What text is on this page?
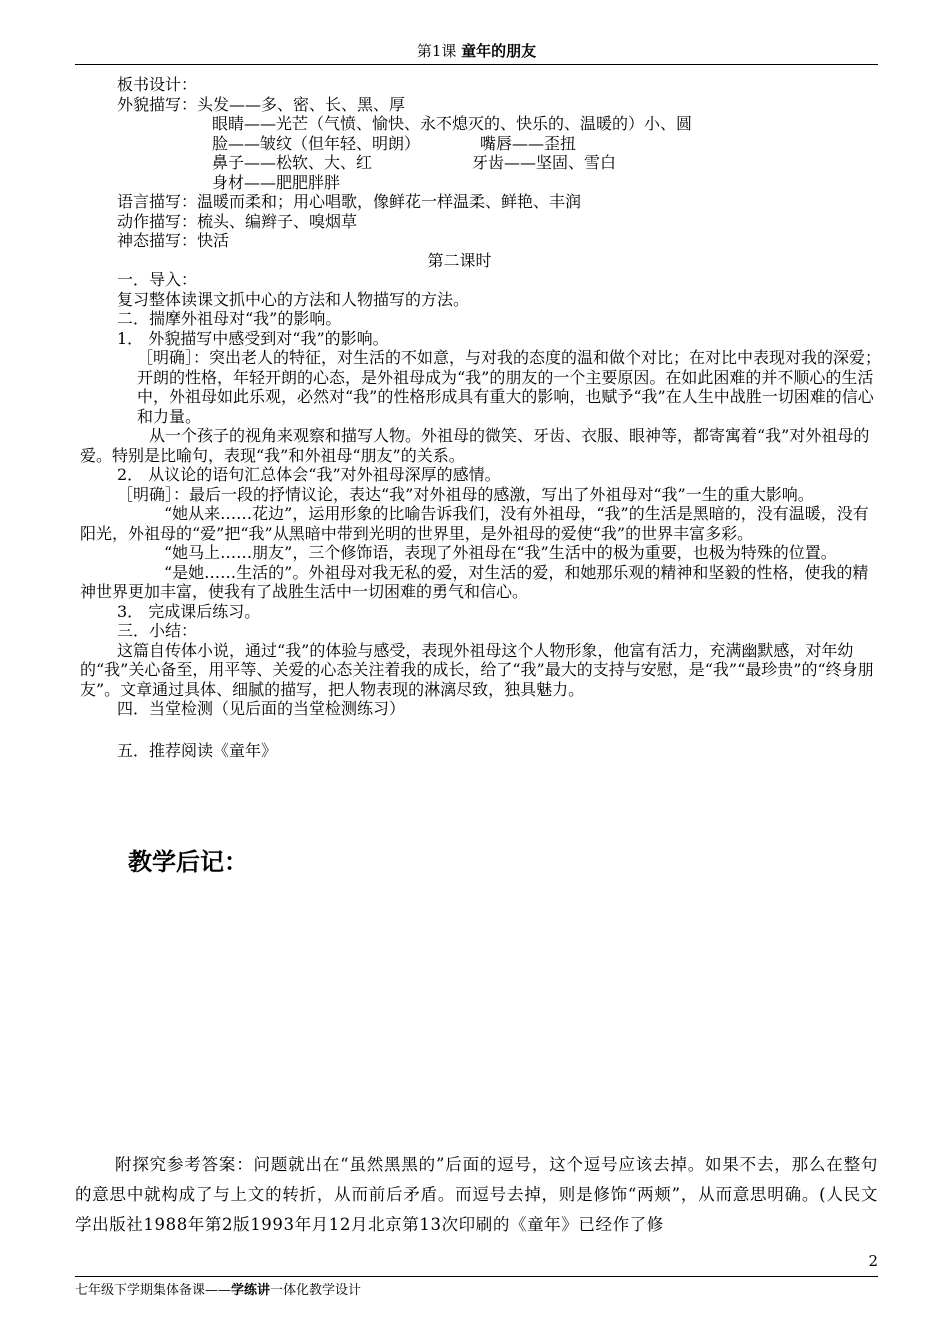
第1课 童年的朋友

板书设计：

外貌描写：头发——多、密、长、黑、厚

眼睛——光芒（气愤、愉快、永不熄灭的、快乐的、温暖的）小、圆

脸——皱纹（但年轻、明朗）	嘴唇——歪扭

鼻子——松软、大、红	牙齿——坚固、雪白

身材——肥肥胖胖

语言描写：温暖而柔和；用心唱歌，像鲜花一样温柔、鲜艳、丰润

动作描写：梳头、编辫子、嗅烟草

神态描写：快活

第二课时

一．导入：

复习整体读课文抓中心的方法和人物描写的方法。

二．揣摩外祖母对“我”的影响。

1． 外貌描写中感受到对“我”的影响。

［明确］：突出老人的特征，对生活的不如意，与对我的态度的温和做个对比；在对比中表现对我的深爱；开朗的性格，年轻开朗的心态，是外祖母成为“我”的朋友的一个主要原因。在如此困难的并不顺心的生活中，外祖母如此乐观，必然对“我”的性格形成具有重大的影响，也赋予“我”在人生中战胜一切困难的信心和力量。

从一个孩子的视角来观察和描写人物。外祖母的微笑、牙齿、衣服、眼神等，都寄寓着“我”对外祖母的爱。特别是比喻句，表现“我”和外祖母“朋友”的关系。

2． 从议论的语句汇总体会“我”对外祖母深厚的感情。

［明确］：最后一段的抒情议论，表达“我”对外祖母的感激，写出了外祖母对“我”一生的重大影响。

“她从来……花边”，运用形象的比喻告诉我们，没有外祖母，“我”的生活是黑暗的，没有温暖，没有阳光，外祖母的“爱”把“我”从黑暗中带到光明的世界里，是外祖母的爱使“我”的世界丰富多彩。

“她马上……朋友”，三个修饰语，表现了外祖母在“我”生活中的极为重要，也极为特殊的位置。

“是她……生活的”。外祖母对我无私的爱，对生活的爱，和她那乐观的精神和坚毅的性格，使我的精神世界更加丰富，使我有了战胜生活中一切困难的勇气和信心。

3． 完成课后练习。

三．小结：

这篇自传体小说，通过“我”的体验与感受，表现外祖母这个人物形象，他富有活力，充满幽默感，对年幼的“我”关心备至，用平等、关爱的心态关注着我的成长，给了“我”最大的支持与安慰，是“我”“最珍贵”的“终身朋友”。文章通过具体、细腻的描写，把人物表现的淋漓尽致，独具魅力。

四．当堂检测（见后面的当堂检测练习）

五．推荐阅读《童年》

教学后记：

附探究参考答案：问题就出在“虽然黑黑的”后面的逗号，这个逗号应该去掉。如果不去，那么在整句的意思中就构成了与上文的转折，从而前后矛盾。而逗号去掉，则是修饰“两颊”，从而意思明确。(人民文学出版社1988年第2版1993年月12月北京第13次印刷的《童年》已经作了修

2
七年级下学期集体备课——学练讲一体化教学设计
